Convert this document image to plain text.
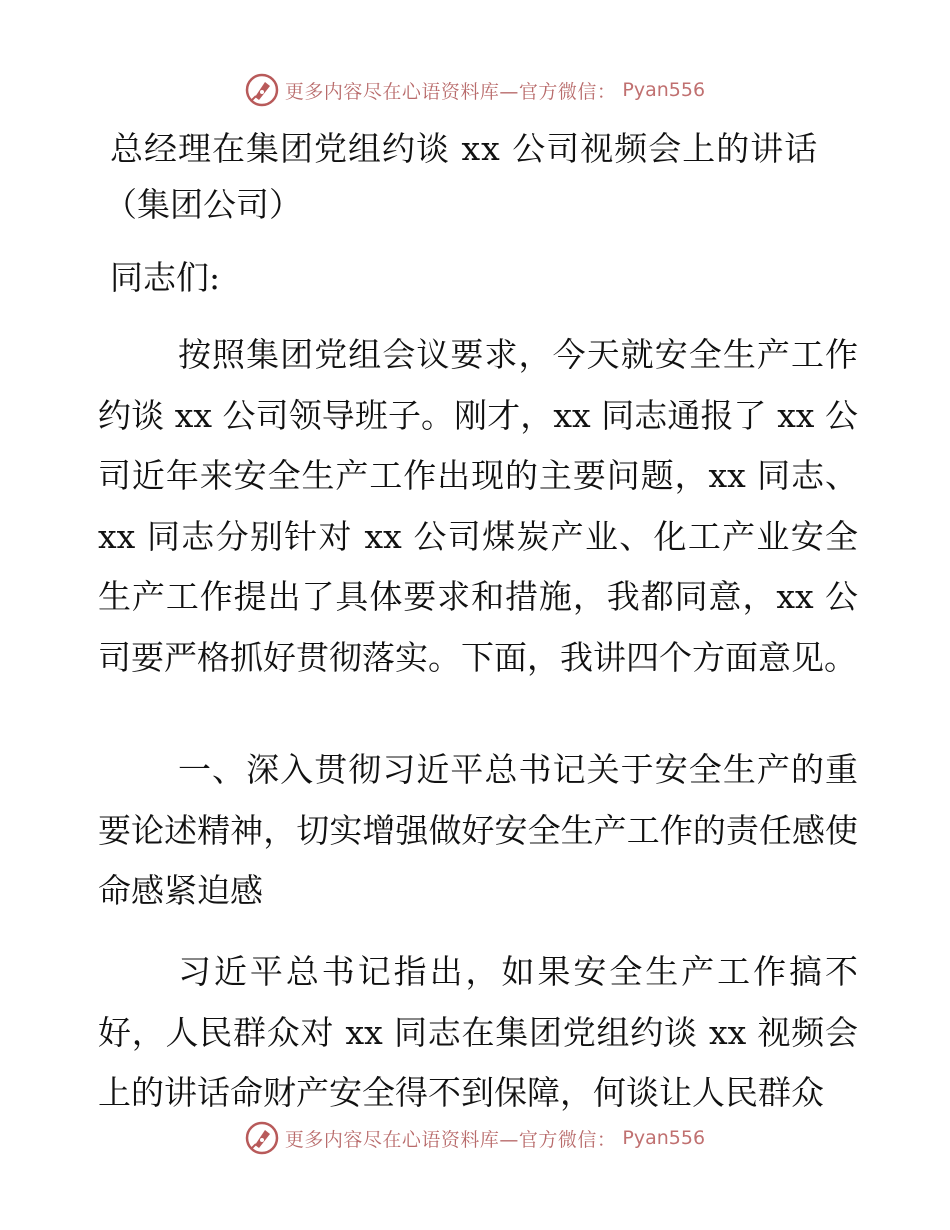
更多内容尽在心语资料库—官方微信： Pyan556
总经理在集团党组约谈 xx 公司视频会上的讲话
（集团公司）
同志们:

按照集团党组会议要求，今天就安全生产工作约谈 xx 公司领导班子。刚才，xx 同志通报了 xx 公司近年来安全生产工作出现的主要问题，xx 同志、xx 同志分别针对 xx 公司煤炭产业、化工产业安全生产工作提出了具体要求和措施，我都同意，xx 公司要严格抓好贯彻落实。下面，我讲四个方面意见。

一、深入贯彻习近平总书记关于安全生产的重要论述精神，切实增强做好安全生产工作的责任感使命感紧迫感

习近平总书记指出，如果安全生产工作搞不好，人民群众对 xx 同志在集团党组约谈 xx 视频会上的讲话命财产安全得不到保障，何谈让人民群众

更多内容尽在心语资料库—官方微信： Pyan556
